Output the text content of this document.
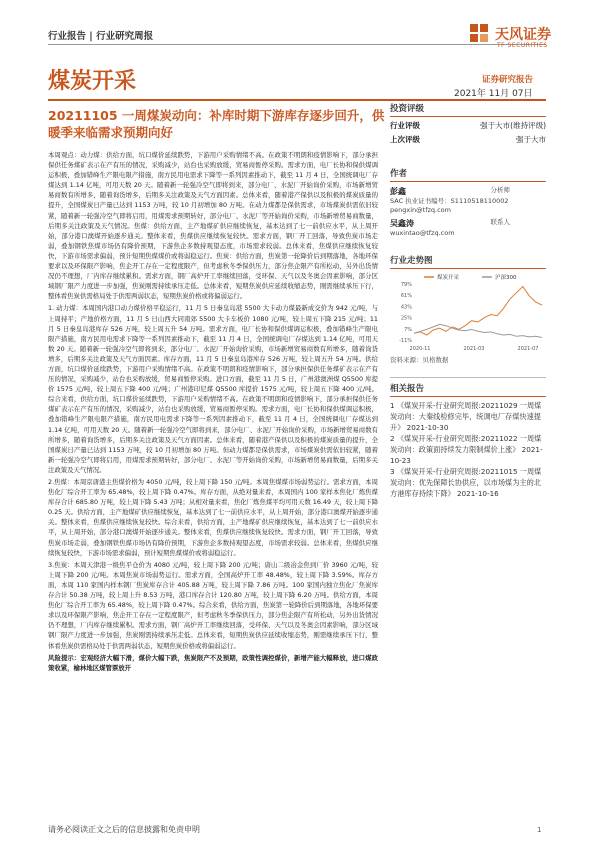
行业报告 | 行业研究周报	天风证券
TF SECURITIES
煤炭开采	证券研究报告
2021年 11月 07日
20211105 一周煤炭动向：补库时期下游库存逐步回升，供暖季来临需求预期向好

本周观点：动力煤：供给方面，坑口煤价延续跌势，下游用户采购情绪不高。在政策不明朗和疫情影响下，部分承担保供任务煤矿表示在产有压的情况，采购减少，站台也采购放缓，贸易商暂停采购。需求方面，电厂长协和保供煤调运积极，叠加错峰生产限电限产措施，南方民用电需求下降等一系列因素推动下，截至 11 月 4 日，全国统调电厂存煤达到 1.14 亿吨，可用天数 20 天。随着新一轮强冷空气即将到来，部分电厂、水泥厂开始询价采购，市场新增贸易商数有所增多，随着询货增多，后期多关注政策及天气方面因素。总体来看，随着港产保供以及积极的煤炭质量的提升，全国煤炭日产量已达到 1153 万吨，较 10 月初增加 80 万吨。在动力煤都是保供需求，市场煤炭供需依旧较紧，随着新一轮强冷空气即将启用，用煤需求预期转好，部分电厂、水泥厂等开始询价采购，市场新增贸易商数量，后期多关注政策及天气情况。焦煤：供给方面，主产地煤矿供应继续恢复，基本达到了七一前供应水平，从上周开始，部分港口澳煤开始逐步通关。整体来看，焦煤供应继续恢复较快。需求方面，钢厂开工回落，导致焦炭市场走弱，叠加钢铁焦煤市场仍有降价预期，下游焦企多数持观望态度，市场需求较弱。总体来看，焦煤供应继续恢复较快，下游市场需求偏弱，预计短期焦煤煤价或将弱稳运行。焦炭：供给方面，焦炭第一轮降价后到期落地，各地环保要求以及环保限产影响，焦企开工存在一定程度限产，但考虑秋冬季保供压力，部分焦企限产有所松动，另外出货情况仍不理想，厂内库存继续累积。需求方面，钢厂高炉开工率继续回落，受环保、天气以及冬奥会因素影响，部分区域钢厂限产力度进一步加强，焦炭刚需持续承压走低。总体来看，短期焦炭供应延续收缩态势，刚需继续承压下行，整体看焦炭供需格局处于供需两弱状态，短期焦炭价格或将偏弱运行。

1. 动力煤：本周国内港口动力煤价格平稳运行，11 月 5 日秦皇岛港 5500 大卡动力煤最新成交价为 942 元/吨，与上周持平；产地价格方面，11 月 5 日山西大同南郊 5500 大卡车板价 1080 元/吨，较上周五下降 215 元/吨；11 月 5 日秦皇岛港库存 526 万吨，较上周五升 54 万吨。需求方面，电厂长协和保供煤调运积极，叠加错峰生产限电限产措施，南方民用电需求下降等一系列因素推动下，截至 11 月 4 日，全国统调电厂存煤达到 1.14 亿吨，可用天数 20 天。随着新一轮强冷空气即将到来，部分电厂、水泥厂开始询价采购，市场新增贸易商数有所增多，随着询货增多，后期多关注政策及天气方面因素。库存方面，11 月 5 日秦皇岛港库存 526 万吨，较上周五升 54 万吨。供给方面，坑口煤价延续跌势，下游用户采购情绪不高。在政策不明朗和疫情影响下，部分承担保供任务煤矿表示在产有压的情况，采购减少，站台也采购放缓，贸易商暂停采购。进口方面，截至 11 月 5 日，广州港澳洲煤 Q5500 库提价 1575 元/吨，较上周五下降 400 元/吨；广州港印尼煤 Q5500 库提价 1575 元/吨，较上周五下降 400 元/吨。综合来看，供给方面，坑口煤价延续跌势，下游用户采购情绪不高。在政策不明朗和疫情影响下，部分承担保供任务煤矿表示在产有压的情况，采购减少，站台也采购放缓，贸易商暂停采购。需求方面，电厂长协和保供煤调运积极，叠加错峰生产限电限产措施，南方民用电需求下降等一系列因素推动下，截至 11 月 4 日，全国统调电厂存煤达到 1.14 亿吨，可用天数 20 天。随着新一轮强冷空气即将到来，部分电厂、水泥厂开始询价采购，市场新增贸易商数有所增多，随着询货增多，后期多关注政策及天气方面因素。总体来看，随着港产保供以及积极的煤炭质量的提升，全国煤炭日产量已达到 1153 万吨，较 10 月初增加 80 万吨。但动力煤都是保供需求，市场煤炭供需依旧较紧，随着新一轮强冷空气即将启用，用煤需求预期转好，部分电厂、水泥厂等开始询价采购，市场新增贸易商数量，后期多关注政策及天气情况。

2.焦煤：本周京唐港主焦煤价格为 4050 元/吨，较上周下降 150 元/吨。本周焦煤煤市场弱势运行。需求方面，本周焦化厂综合开工率为 65.48%，较上周下降 0.47%。库存方面，从绝对量来看，本周国内 100 家样本焦化厂炼焦煤库存合计 685.80 万吨，较上周下降 5.43 万吨；从相对量来看，焦化厂炼焦煤平均可用天数 16.49 天，较上周下降 0.25 天。供给方面，主产地煤矿供应继续恢复，基本达到了七一前供应水平，从上周开始，部分港口澳煤开始逐步通关。整体来看，焦煤供应继续恢复较快。综合来看，供给方面，主产地煤矿供应继续恢复，基本达到了七一前供应水平，从上周开始，部分港口澳煤开始逐步通关。整体来看，焦煤供应继续恢复较快。需求方面，钢厂开工回落，导致焦炭市场走弱，叠加钢铁焦煤市场仍有降价预期，下游焦企多数持观望态度，市场需求较弱。总体来看，焦煤供应继续恢复较快，下游市场需求偏弱，预计短期焦煤煤价或将弱稳运行。

3.焦炭：本周天津港一级焦平仓价为 4080 元/吨，较上周下降 200 元/吨；唐山二级冶金焦到厂价 3960 元/吨，较上周下降 200 元/吨。本周焦炭市场弱势运行。需求方面，全国高炉开工率 48.48%，较上周下降 3.59%。库存方面，本周 110 家国内样本钢厂焦炭库存合计 405.88 万吨，较上周下降 7.86 万吨。100 家国内独立焦化厂焦炭库存合计 50.38 万吨，较上周上升 8.53 万吨，港口库存合计 120.80 万吨，较上周下降 6.20 万吨。供给方面，本周焦化厂综合开工率为 65.48%，较上周下降 0.47%。综合来看，供给方面，焦炭第一轮降价后到期落地，各地环保要求以及环保限产影响，焦企开工存在一定程度限产，但考虑秋冬季保供压力，部分焦企限产有所松动，另外出货情况仍不理想，厂内库存继续累积。需求方面，钢厂高炉开工率继续回落，受环保、天气以及冬奥会因素影响，部分区域钢厂限产力度进一步加强，焦炭刚需持续承压走低。总体来看，短期焦炭供应延续收缩态势，刚需继续承压下行，整体看焦炭供需格局处于供需两弱状态，短期焦炭价格或将偏弱运行。

风险提示：宏观经济大幅下滑，煤价大幅下跌，焦炭限产不及预期，政策性调控煤价，新增产能大幅释放，进口煤政策收紧，榆林地区煤管票放开

投资评级
行业评级	强于大市(维持评级)
上次评级	强于大市
作者
彭鑫	分析师
SAC 执业证书编号：S1110518110002
pengxin@tfzq.com
吴鑫涛	联系人
wuxintao@tfzq.com
行业走势图
79%
61%
43%
25%
7%
-11%
2020-11	2021-03	2021-07
煤炭开采	沪深300
资料来源：贝格数据
相关报告
1 《煤炭开采-行业研究周报:20211029 一周煤炭动向：大秦线检修完毕，统调电厂存煤快速提升》 2021-10-30
2 《煤炭开采-行业研究周报:20211022 一周煤炭动向：政策面持续发力限制煤价上涨》 2021-10-23
3 《煤炭开采-行业研究周报:20211015 一周煤炭动向：优先保障长协供应，以市场煤为主的北方港库存持续下降》 2021-10-16
请务必阅读正文之后的信息披露和免责申明	1
